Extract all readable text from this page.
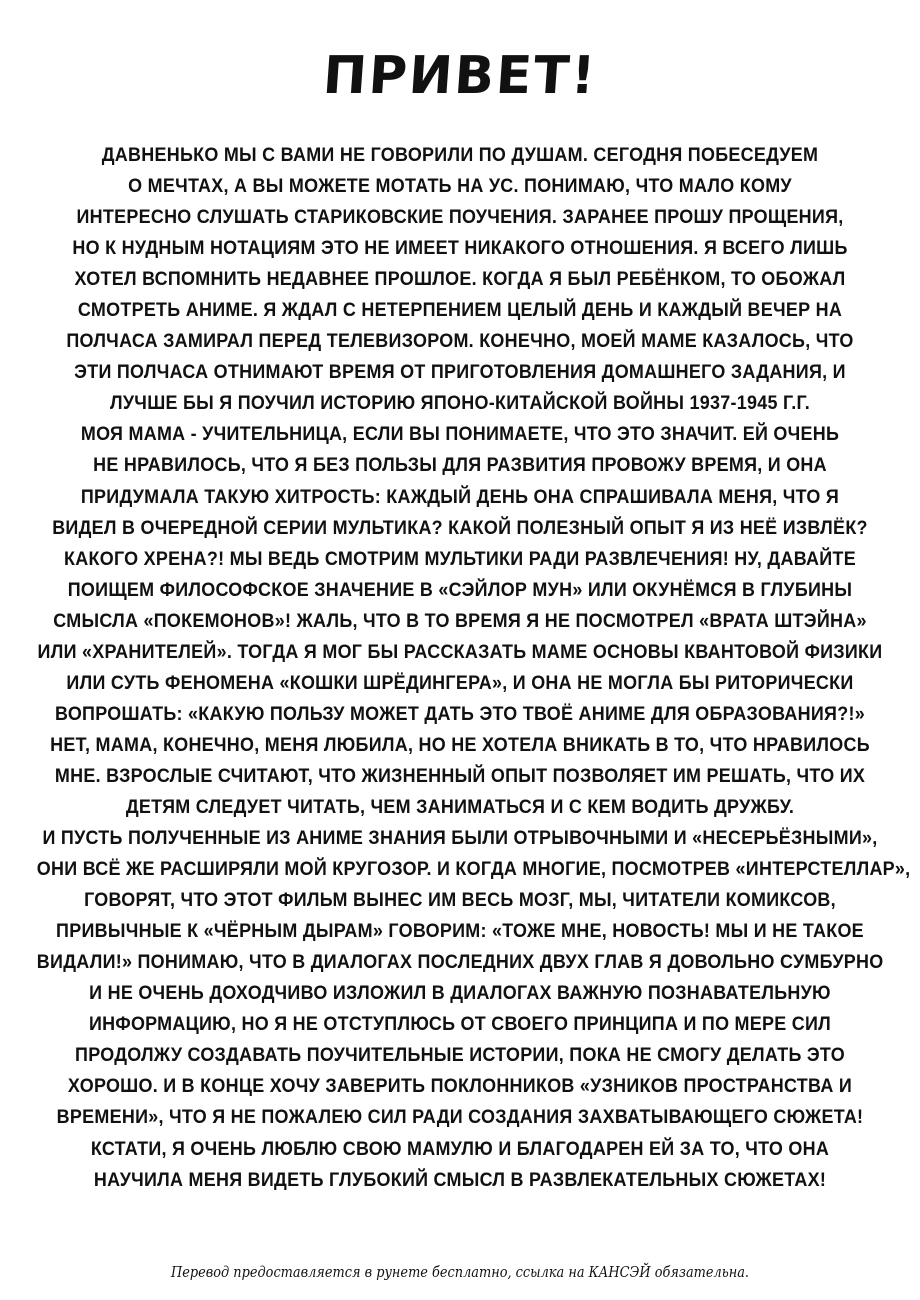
ПРИВЕТ!
ДАВНЕНЬКО МЫ С ВАМИ НЕ ГОВОРИЛИ ПО ДУШАМ. СЕГОДНЯ ПОБЕСЕДУЕМ
О МЕЧТАХ, А ВЫ МОЖЕТЕ МОТАТЬ НА УС. ПОНИМАЮ, ЧТО МАЛО КОМУ
ИНТЕРЕСНО СЛУШАТЬ СТАРИКОВСКИЕ ПОУЧЕНИЯ. ЗАРАНЕЕ ПРОШУ ПРОЩЕНИЯ,
НО К НУДНЫМ НОТАЦИЯМ ЭТО НЕ ИМЕЕТ НИКАКОГО ОТНОШЕНИЯ. Я ВСЕГО ЛИШЬ
ХОТЕЛ ВСПОМНИТЬ НЕДАВНЕЕ ПРОШЛОЕ. КОГДА Я БЫЛ РЕБЁНКОМ, ТО ОБОЖАЛ
СМОТРЕТЬ АНИМЕ. Я ЖДАЛ С НЕТЕРПЕНИЕМ ЦЕЛЫЙ ДЕНЬ И КАЖДЫЙ ВЕЧЕР НА
ПОЛЧАСА ЗАМИРАЛ ПЕРЕД ТЕЛЕВИЗОРОМ. КОНЕЧНО, МОЕЙ МАМЕ КАЗАЛОСЬ, ЧТО
ЭТИ ПОЛЧАСА ОТНИМАЮТ ВРЕМЯ ОТ ПРИГОТОВЛЕНИЯ ДОМАШНЕГО ЗАДАНИЯ, И
ЛУЧШЕ БЫ Я ПОУЧИЛ ИСТОРИЮ ЯПОНО-КИТАЙСКОЙ ВОЙНЫ 1937-1945 Г.Г.
МОЯ МАМА - УЧИТЕЛЬНИЦА, ЕСЛИ ВЫ ПОНИМАЕТЕ, ЧТО ЭТО ЗНАЧИТ. ЕЙ ОЧЕНЬ
НЕ НРАВИЛОСЬ, ЧТО Я БЕЗ ПОЛЬЗЫ ДЛЯ РАЗВИТИЯ ПРОВОЖУ ВРЕМЯ, И ОНА
ПРИДУМАЛА ТАКУЮ ХИТРОСТЬ: КАЖДЫЙ ДЕНЬ ОНА СПРАШИВАЛА МЕНЯ, ЧТО Я
ВИДЕЛ В ОЧЕРЕДНОЙ СЕРИИ МУЛЬТИКА? КАКОЙ ПОЛЕЗНЫЙ ОПЫТ Я ИЗ НЕЁ ИЗВЛЁК?
КАКОГО ХРЕНА?! МЫ ВЕДЬ СМОТРИМ МУЛЬТИКИ РАДИ РАЗВЛЕЧЕНИЯ! НУ, ДАВАЙТЕ
ПОИЩЕМ ФИЛОСОФСКОЕ ЗНАЧЕНИЕ В «СЭЙЛОР МУН» ИЛИ ОКУНЁМСЯ В ГЛУБИНЫ
СМЫСЛА «ПОКЕМОНОВ»! ЖАЛЬ, ЧТО В ТО ВРЕМЯ Я НЕ ПОСМОТРЕЛ «ВРАТА ШТЭЙНА»
ИЛИ «ХРАНИТЕЛЕЙ». ТОГДА Я МОГ БЫ РАССКАЗАТЬ МАМЕ ОСНОВЫ КВАНТОВОЙ ФИЗИКИ
ИЛИ СУТЬ ФЕНОМЕНА «КОШКИ ШРЁДИНГЕРА», И ОНА НЕ МОГЛА БЫ РИТОРИЧЕСКИ
ВОПРОШАТЬ: «КАКУЮ ПОЛЬЗУ МОЖЕТ ДАТЬ ЭТО ТВОЁ АНИМЕ ДЛЯ ОБРАЗОВАНИЯ?!»
НЕТ, МАМА, КОНЕЧНО, МЕНЯ ЛЮБИЛА, НО НЕ ХОТЕЛА ВНИКАТЬ В ТО, ЧТО НРАВИЛОСЬ
МНЕ. ВЗРОСЛЫЕ СЧИТАЮТ, ЧТО ЖИЗНЕННЫЙ ОПЫТ ПОЗВОЛЯЕТ ИМ РЕШАТЬ, ЧТО ИХ
ДЕТЯМ СЛЕДУЕТ ЧИТАТЬ, ЧЕМ ЗАНИМАТЬСЯ И С КЕМ ВОДИТЬ ДРУЖБУ.
И ПУСТЬ ПОЛУЧЕННЫЕ ИЗ АНИМЕ ЗНАНИЯ БЫЛИ ОТРЫВОЧНЫМИ И «НЕСЕРЬЁЗНЫМИ»,
ОНИ ВСЁ ЖЕ РАСШИРЯЛИ МОЙ КРУГОЗОР. И КОГДА МНОГИЕ, ПОСМОТРЕВ «ИНТЕРСТЕЛЛАР»,
ГОВОРЯТ, ЧТО ЭТОТ ФИЛЬМ ВЫНЕС ИМ ВЕСЬ МОЗГ, МЫ, ЧИТАТЕЛИ КОМИКСОВ,
ПРИВЫЧНЫЕ К «ЧЁРНЫМ ДЫРАМ» ГОВОРИМ: «ТОЖЕ МНЕ, НОВОСТЬ! МЫ И НЕ ТАКОЕ
ВИДАЛИ!» ПОНИМАЮ, ЧТО В ДИАЛОГАХ ПОСЛЕДНИХ ДВУХ ГЛАВ Я ДОВОЛЬНО СУМБУРНО
И НЕ ОЧЕНЬ ДОХОДЧИВО ИЗЛОЖИЛ В ДИАЛОГАХ ВАЖНУЮ ПОЗНАВАТЕЛЬНУЮ
ИНФОРМАЦИЮ, НО Я НЕ ОТСТУПЛЮСЬ ОТ СВОЕГО ПРИНЦИПА И ПО МЕРЕ СИЛ
ПРОДОЛЖУ СОЗДАВАТЬ ПОУЧИТЕЛЬНЫЕ ИСТОРИИ, ПОКА НЕ СМОГУ ДЕЛАТЬ ЭТО
ХОРОШО. И В КОНЦЕ ХОЧУ ЗАВЕРИТЬ ПОКЛОННИКОВ «УЗНИКОВ ПРОСТРАНСТВА И
ВРЕМЕНИ», ЧТО Я НЕ ПОЖАЛЕЮ СИЛ РАДИ СОЗДАНИЯ ЗАХВАТЫВАЮЩЕГО СЮЖЕТА!
КСТАТИ, Я ОЧЕНЬ ЛЮБЛЮ СВОЮ МАМУЛЮ И БЛАГОДАРЕН ЕЙ ЗА ТО, ЧТО ОНА
НАУЧИЛА МЕНЯ ВИДЕТЬ ГЛУБОКИЙ СМЫСЛ В РАЗВЛЕКАТЕЛЬНЫХ СЮЖЕТАХ!
Перевод предоставляется в рунете бесплатно, ссылка на КАНСЭЙ обязательна.
